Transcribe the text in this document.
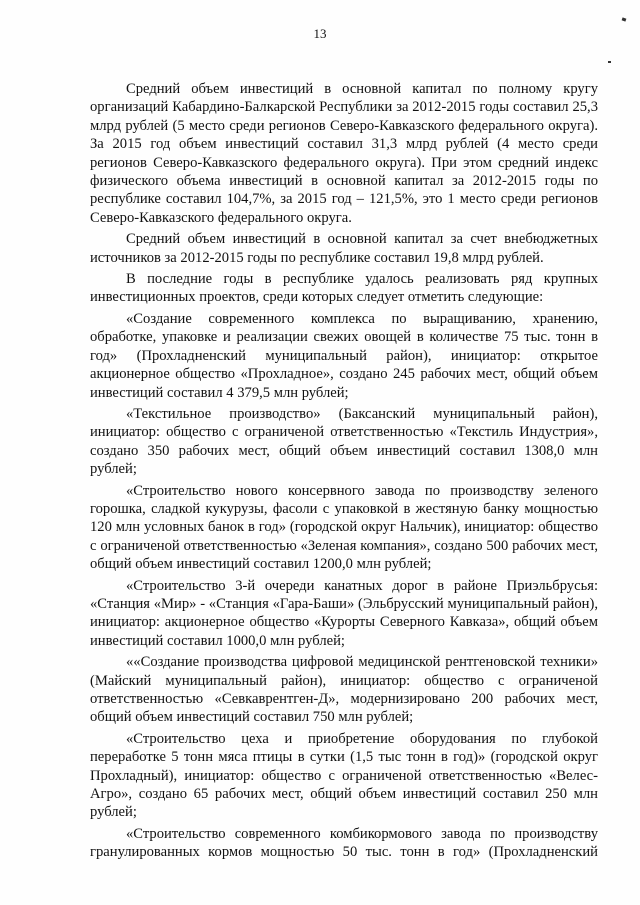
13

Средний объем инвестиций в основной капитал по полному кругу организаций Кабардино-Балкарской Республики за 2012-2015 годы составил 25,3 млрд рублей (5 место среди регионов Северо-Кавказского федерального округа). За 2015 год объем инвестиций составил 31,3 млрд рублей (4 место среди регионов Северо-Кавказского федерального округа). При этом средний индекс физического объема инвестиций в основной капитал за 2012-2015 годы по республике составил 104,7%, за 2015 год – 121,5%, это 1 место среди регионов Северо-Кавказского федерального округа.

Средний объем инвестиций в основной капитал за счет внебюджетных источников за 2012-2015 годы по республике составил 19,8 млрд рублей.

В последние годы в республике удалось реализовать ряд крупных инвестиционных проектов, среди которых следует отметить следующие:

«Создание современного комплекса по выращиванию, хранению, обработке, упаковке и реализации свежих овощей в количестве 75 тыс. тонн в год» (Прохладненский муниципальный район), инициатор: открытое акционерное общество «Прохладное», создано 245 рабочих мест, общий объем инвестиций составил 4 379,5 млн рублей;

«Текстильное производство» (Баксанский муниципальный район), инициатор: общество с ограниченой ответственностью «Текстиль Индустрия», создано 350 рабочих мест, общий объем инвестиций составил 1308,0 млн рублей;

«Строительство нового консервного завода по производству зеленого горошка, сладкой кукурузы, фасоли с упаковкой в жестяную банку мощностью 120 млн условных банок в год» (городской округ Нальчик), инициатор: общество с ограниченой ответственностью «Зеленая компания», создано 500 рабочих мест, общий объем инвестиций составил 1200,0 млн рублей;

«Строительство 3-й очереди канатных дорог в районе Приэльбрусья: «Станция «Мир» - «Станция «Гара-Баши» (Эльбрусский муниципальный район), инициатор: акционерное общество «Курорты Северного Кавказа», общий объем инвестиций составил 1000,0 млн рублей;

««Создание производства цифровой медицинской рентгеновской техники» (Майский муниципальный район), инициатор: общество с ограниченой ответственностью «Севкаврентген-Д», модернизировано 200 рабочих мест, общий объем инвестиций составил 750 млн рублей;

«Строительство цеха и приобретение оборудования по глубокой переработке 5 тонн мяса птицы в сутки (1,5 тыс тонн в год)» (городской округ Прохладный), инициатор: общество с ограниченой ответственностью «Велес-Агро», создано 65 рабочих мест, общий объем инвестиций составил 250 млн рублей;

«Строительство современного комбикормового завода по производству гранулированных кормов мощностью 50 тыс. тонн в год» (Прохладненский
